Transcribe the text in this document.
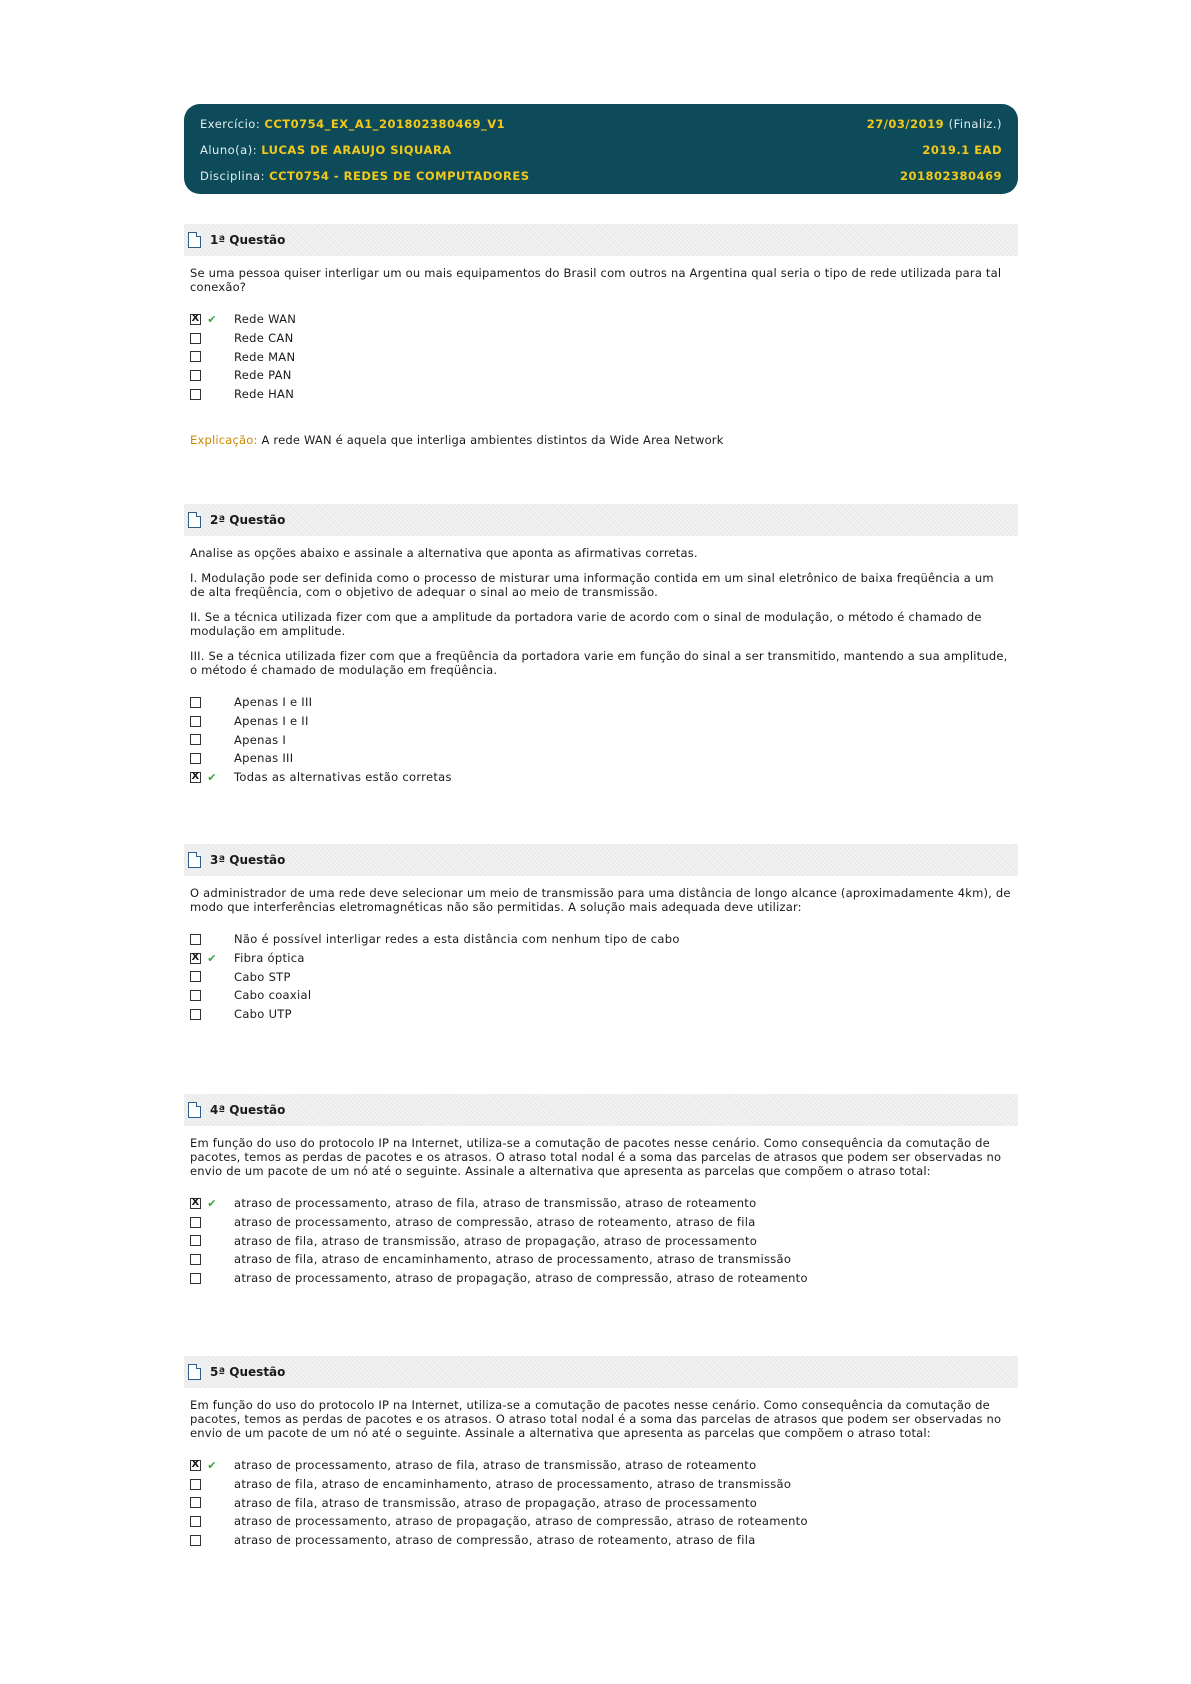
Exercício: CCT0754_EX_A1_201802380469_V1	27/03/2019 (Finaliz.)
Aluno(a): LUCAS DE ARAUJO SIQUARA	2019.1 EAD
Disciplina: CCT0754 - REDES DE COMPUTADORES	201802380469
1ª Questão

Se uma pessoa quiser interligar um ou mais equipamentos do Brasil com outros na Argentina qual seria o tipo de rede utilizada para tal conexão?

X ✔	Rede WAN
Rede CAN
Rede MAN
Rede PAN
Rede HAN
Explicação: A rede WAN é aquela que interliga ambientes distintos da Wide Area Network
2ª Questão

Analise as opções abaixo e assinale a alternativa que aponta as afirmativas corretas.

I. Modulação pode ser definida como o processo de misturar uma informação contida em um sinal eletrônico de baixa freqüência a um de alta freqüência, com o objetivo de adequar o sinal ao meio de transmissão.

II. Se a técnica utilizada fizer com que a amplitude da portadora varie de acordo com o sinal de modulação, o método é chamado de modulação em amplitude.

III. Se a técnica utilizada fizer com que a freqüência da portadora varie em função do sinal a ser transmitido, mantendo a sua amplitude, o método é chamado de modulação em freqüência.

Apenas I e III
Apenas I e II
Apenas I
Apenas III
X ✔	Todas as alternativas estão corretas
3ª Questão

O administrador de uma rede deve selecionar um meio de transmissão para uma distância de longo alcance (aproximadamente 4km), de modo que interferências eletromagnéticas não são permitidas. A solução mais adequada deve utilizar:

Não é possível interligar redes a esta distância com nenhum tipo de cabo
X ✔	Fibra óptica
Cabo STP
Cabo coaxial
Cabo UTP
4ª Questão

Em função do uso do protocolo IP na Internet, utiliza-se a comutação de pacotes nesse cenário. Como consequência da comutação de pacotes, temos as perdas de pacotes e os atrasos. O atraso total nodal é a soma das parcelas de atrasos que podem ser observadas no envio de um pacote de um nó até o seguinte. Assinale a alternativa que apresenta as parcelas que compõem o atraso total:

X ✔	atraso de processamento, atraso de fila, atraso de transmissão, atraso de roteamento
atraso de processamento, atraso de compressão, atraso de roteamento, atraso de fila
atraso de fila, atraso de transmissão, atraso de propagação, atraso de processamento
atraso de fila, atraso de encaminhamento, atraso de processamento, atraso de transmissão
atraso de processamento, atraso de propagação, atraso de compressão, atraso de roteamento
5ª Questão

Em função do uso do protocolo IP na Internet, utiliza-se a comutação de pacotes nesse cenário. Como consequência da comutação de pacotes, temos as perdas de pacotes e os atrasos. O atraso total nodal é a soma das parcelas de atrasos que podem ser observadas no envio de um pacote de um nó até o seguinte. Assinale a alternativa que apresenta as parcelas que compõem o atraso total:

X ✔	atraso de processamento, atraso de fila, atraso de transmissão, atraso de roteamento
atraso de fila, atraso de encaminhamento, atraso de processamento, atraso de transmissão
atraso de fila, atraso de transmissão, atraso de propagação, atraso de processamento
atraso de processamento, atraso de propagação, atraso de compressão, atraso de roteamento
atraso de processamento, atraso de compressão, atraso de roteamento, atraso de fila
